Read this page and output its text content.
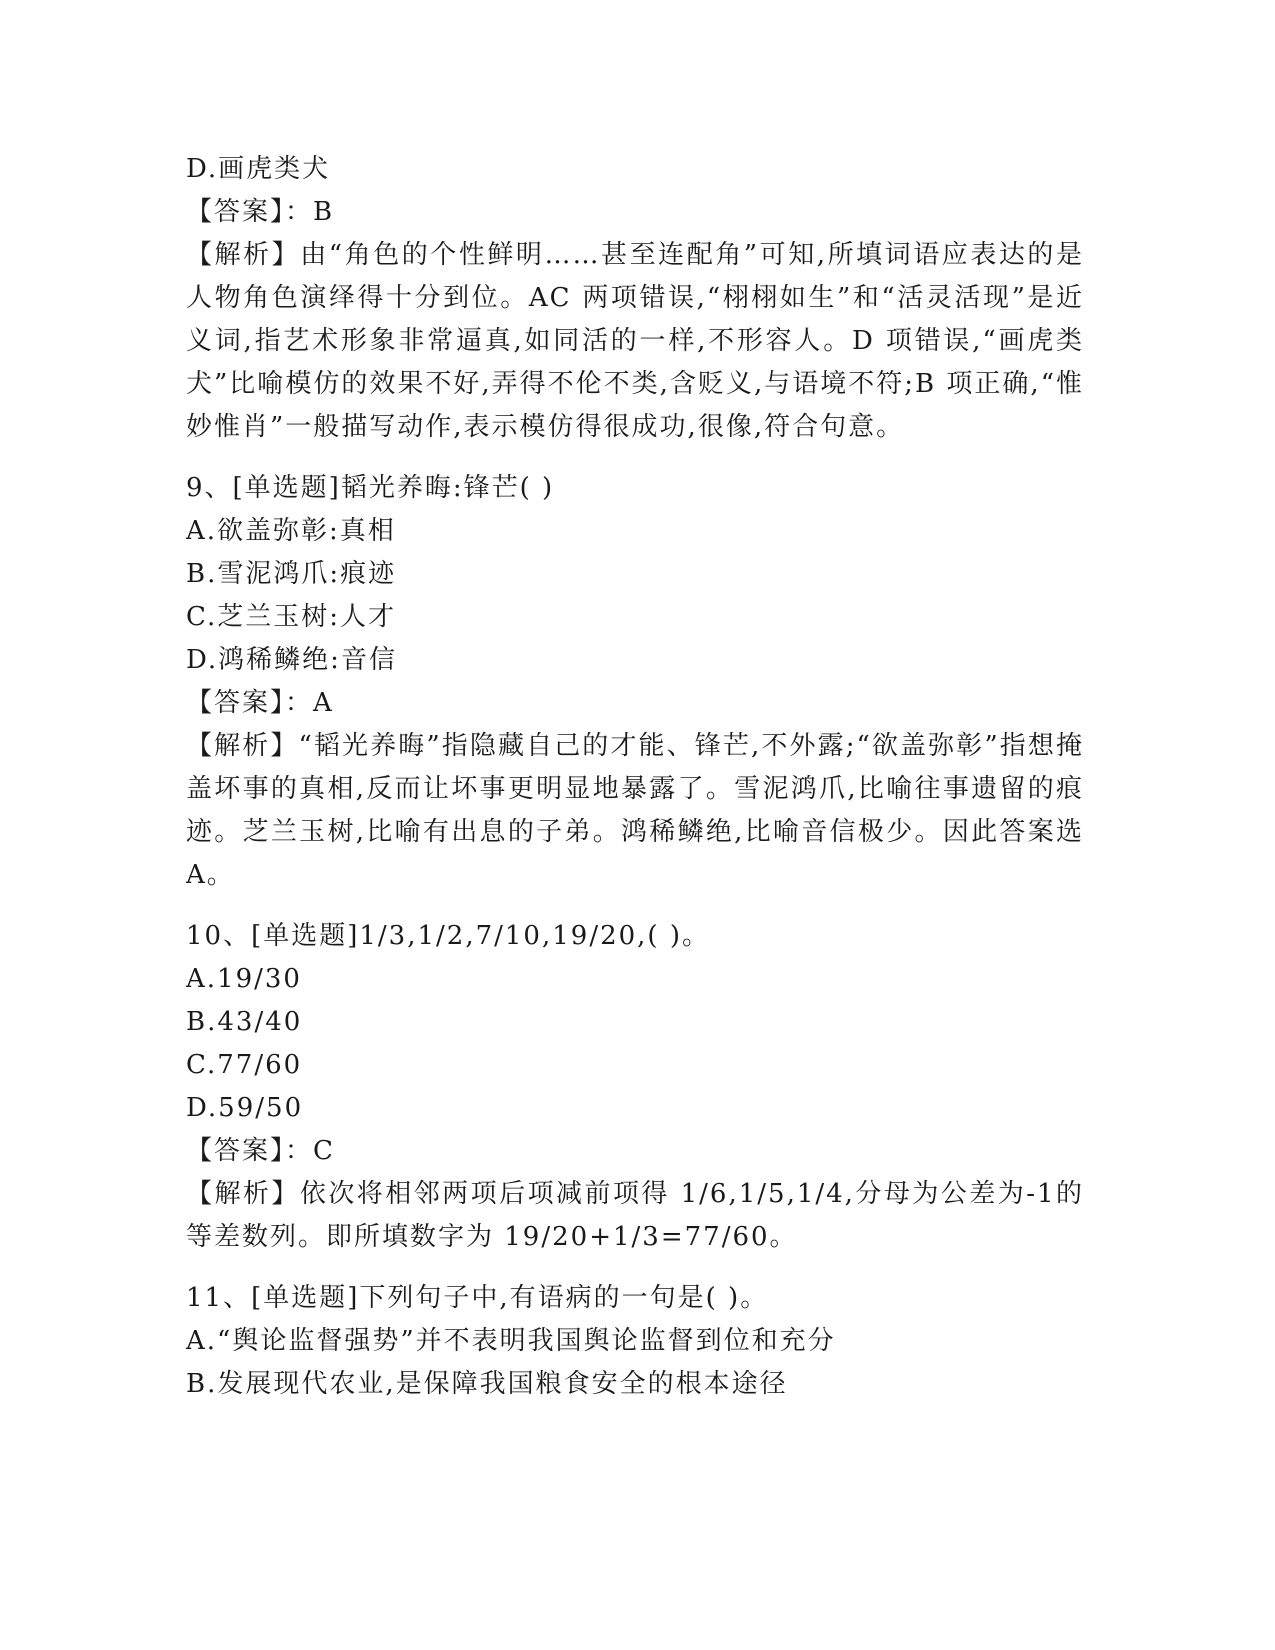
D.画虎类犬
【答案】：B
【解析】由“角色的个性鲜明……甚至连配角”可知,所填词语应表达的是人物角色演绎得十分到位。AC 两项错误,“栩栩如生”和“活灵活现”是近义词,指艺术形象非常逼真,如同活的一样,不形容人。D 项错误,“画虎类犬”比喻模仿的效果不好,弄得不伦不类,含贬义,与语境不符;B 项正确,“惟妙惟肖”一般描写动作,表示模仿得很成功,很像,符合句意。
9、[单选题]韬光养晦:锋芒( )
A.欲盖弥彰:真相
B.雪泥鸿爪:痕迹
C.芝兰玉树:人才
D.鸿稀鳞绝:音信
【答案】：A
【解析】“韬光养晦”指隐藏自己的才能、锋芒,不外露;“欲盖弥彰”指想掩盖坏事的真相,反而让坏事更明显地暴露了。雪泥鸿爪,比喻往事遗留的痕迹。芝兰玉树,比喻有出息的子弟。鸿稀鳞绝,比喻音信极少。因此答案选 A。
10、[单选题]1/3,1/2,7/10,19/20,( )。
A.19/30
B.43/40
C.77/60
D.59/50
【答案】：C
【解析】依次将相邻两项后项减前项得 1/6,1/5,1/4,分母为公差为-1的等差数列。即所填数字为 19/20+1/3=77/60。
11、[单选题]下列句子中,有语病的一句是( )。
A.“舆论监督强势”并不表明我国舆论监督到位和充分
B.发展现代农业,是保障我国粮食安全的根本途径
